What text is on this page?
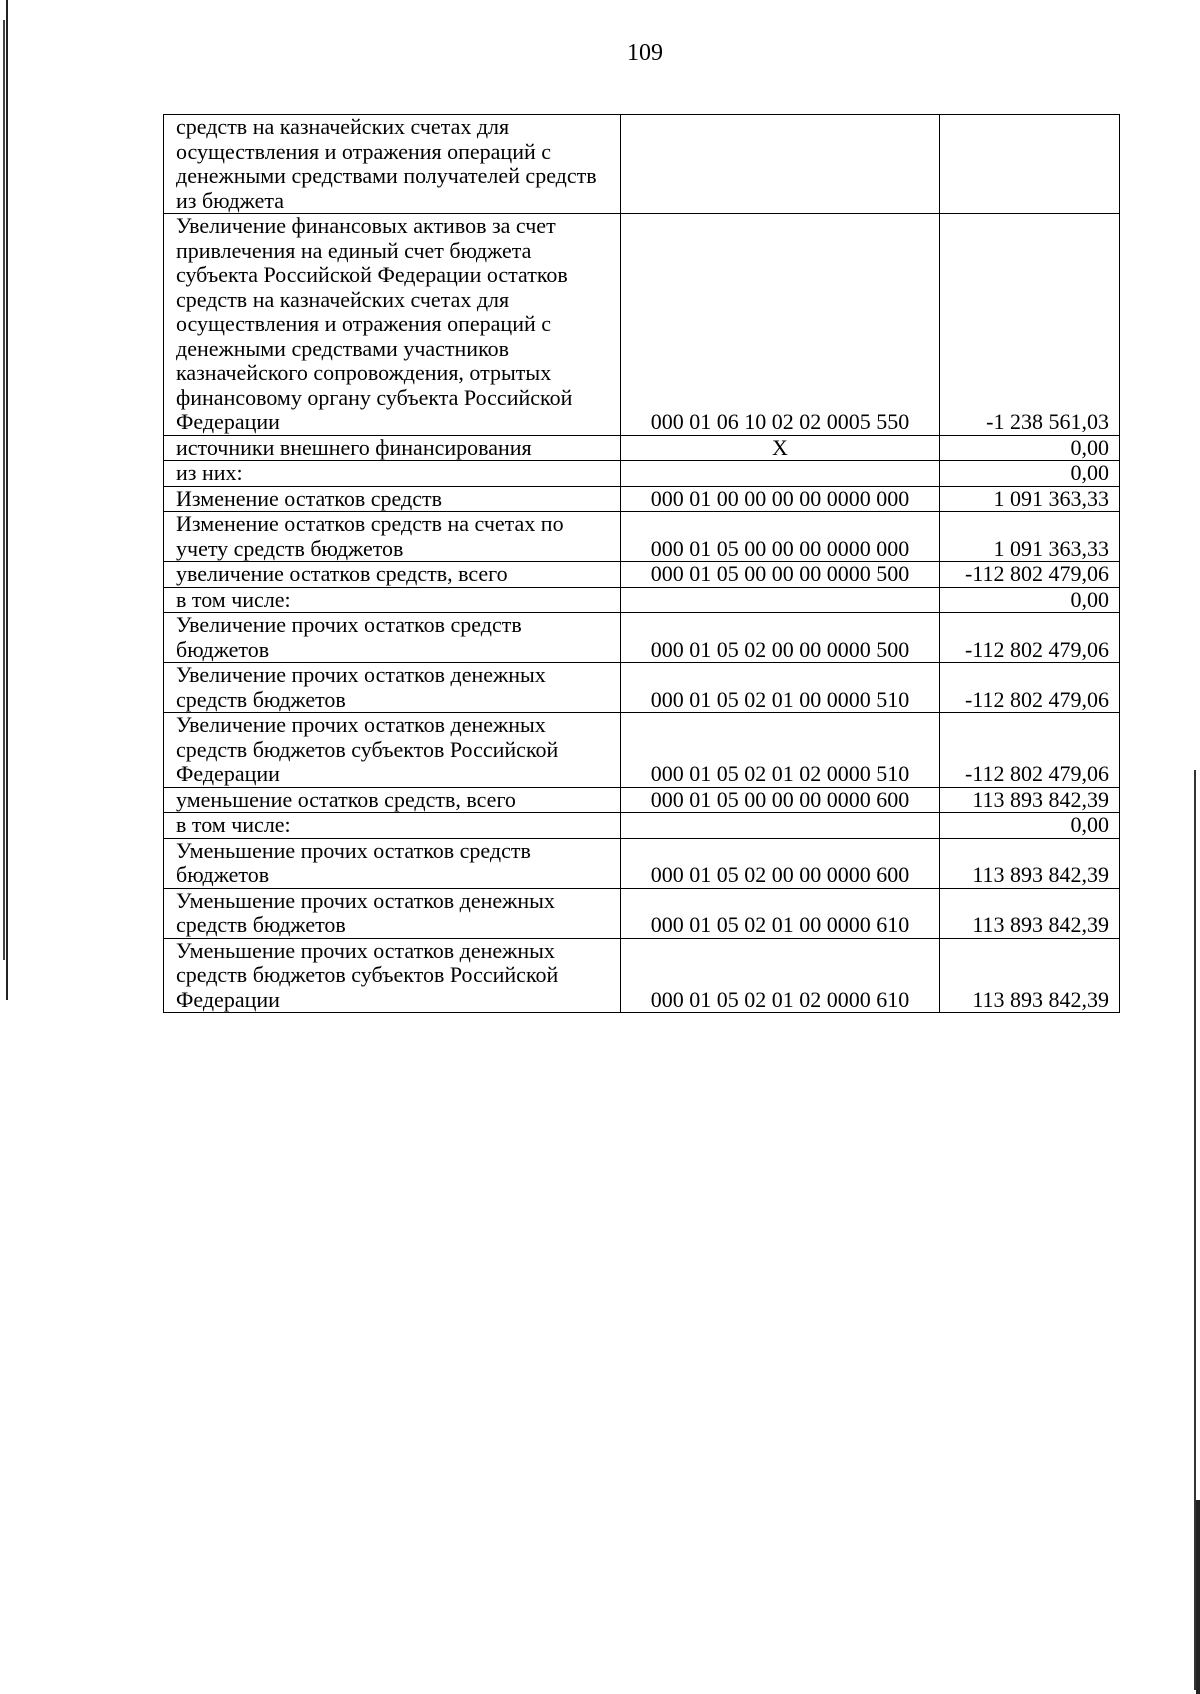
109
средств на казначейских счетах для осуществления и отражения операций с денежными средствами получателей средств из бюджета		
Увеличение финансовых активов за счет привлечения на единый счет бюджета субъекта Российской Федерации остатков средств на казначейских счетах для осуществления и отражения операций с денежными средствами участников казначейского сопровождения, отрытых финансовому органу субъекта Российской Федерации	000 01 06 10 02 02 0005 550	-1 238 561,03
источники внешнего финансирования	X	0,00
из них:		0,00
Изменение остатков средств	000 01 00 00 00 00 0000 000	1 091 363,33
Изменение остатков средств на счетах по учету средств бюджетов	000 01 05 00 00 00 0000 000	1 091 363,33
увеличение остатков средств, всего	000 01 05 00 00 00 0000 500	-112 802 479,06
в том числе:		0,00
Увеличение прочих остатков средств бюджетов	000 01 05 02 00 00 0000 500	-112 802 479,06
Увеличение прочих остатков денежных средств бюджетов	000 01 05 02 01 00 0000 510	-112 802 479,06
Увеличение прочих остатков денежных средств бюджетов субъектов Российской Федерации	000 01 05 02 01 02 0000 510	-112 802 479,06
уменьшение остатков средств, всего	000 01 05 00 00 00 0000 600	113 893 842,39
в том числе:		0,00
Уменьшение прочих остатков средств бюджетов	000 01 05 02 00 00 0000 600	113 893 842,39
Уменьшение прочих остатков денежных средств бюджетов	000 01 05 02 01 00 0000 610	113 893 842,39
Уменьшение прочих остатков денежных средств бюджетов субъектов Российской Федерации	000 01 05 02 01 02 0000 610	113 893 842,39
